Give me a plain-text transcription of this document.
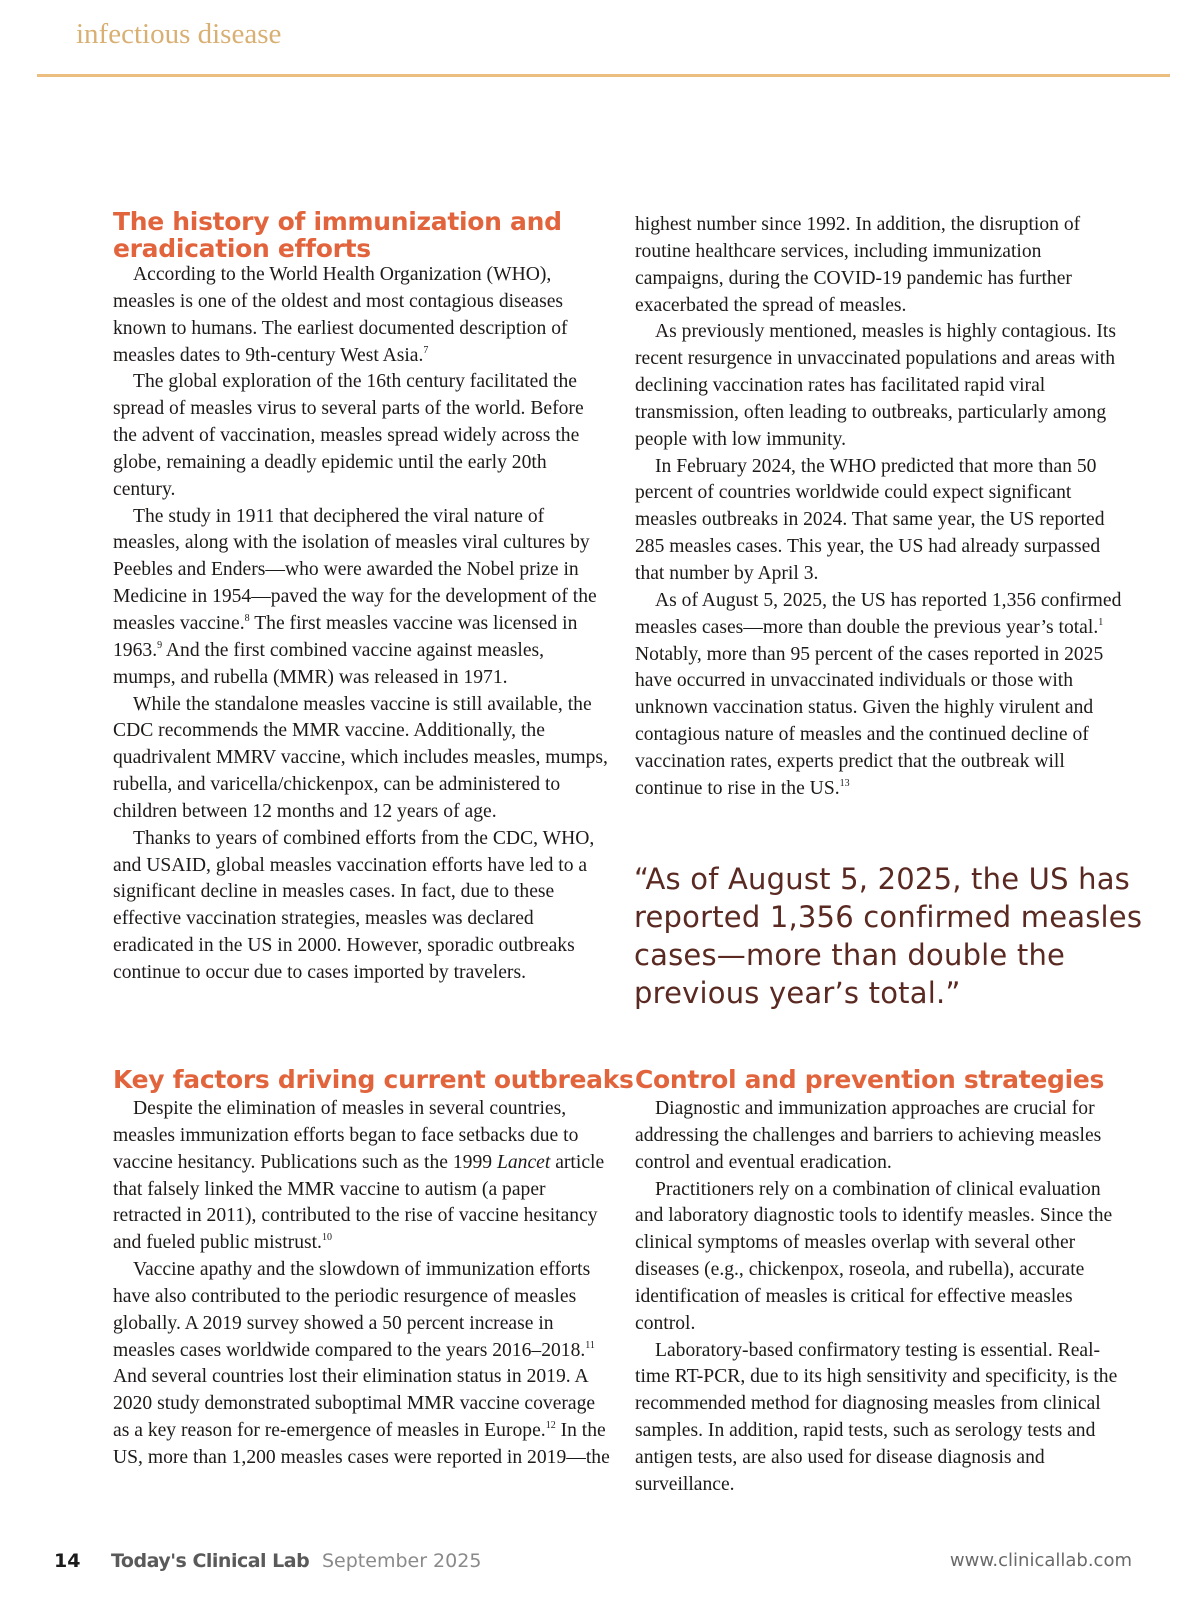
infectious disease
The history of immunization and eradication efforts

According to the World Health Organization (WHO), measles is one of the oldest and most contagious diseases known to humans. The earliest documented description of measles dates to 9th-century West Asia.$^7$

The global exploration of the 16th century facilitated the spread of measles virus to several parts of the world. Before the advent of vaccination, measles spread widely across the globe, remaining a deadly epidemic until the early 20th century.

The study in 1911 that deciphered the viral nature of measles, along with the isolation of measles viral cultures by Peebles and Enders—who were awarded the Nobel prize in Medicine in 1954—paved the way for the development of the measles vaccine.$^8$ The first measles vaccine was licensed in 1963.$^9$ And the first combined vaccine against measles, mumps, and rubella (MMR) was released in 1971.

While the standalone measles vaccine is still available, the CDC recommends the MMR vaccine. Additionally, the quadrivalent MMRV vaccine, which includes measles, mumps, rubella, and varicella/chickenpox, can be administered to children between 12 months and 12 years of age.

Thanks to years of combined efforts from the CDC, WHO, and USAID, global measles vaccination efforts have led to a significant decline in measles cases. In fact, due to these effective vaccination strategies, measles was declared eradicated in the US in 2000. However, sporadic outbreaks continue to occur due to cases imported by travelers.

highest number since 1992. In addition, the disruption of routine healthcare services, including immunization campaigns, during the COVID-19 pandemic has further exacerbated the spread of measles.

As previously mentioned, measles is highly contagious. Its recent resurgence in unvaccinated populations and areas with declining vaccination rates has facilitated rapid viral transmission, often leading to outbreaks, particularly among people with low immunity.

In February 2024, the WHO predicted that more than 50 percent of countries worldwide could expect significant measles outbreaks in 2024. That same year, the US reported 285 measles cases. This year, the US had already surpassed that number by April 3.

As of August 5, 2025, the US has reported 1,356 confirmed measles cases—more than double the previous year’s total.$^1$ Notably, more than 95 percent of the cases reported in 2025 have occurred in unvaccinated individuals or those with unknown vaccination status. Given the highly virulent and contagious nature of measles and the continued decline of vaccination rates, experts predict that the outbreak will continue to rise in the US.$^{13}$

“As of August 5, 2025, the US has reported 1,356 confirmed measles cases—more than double the previous year’s total.”
Key factors driving current outbreaks

Despite the elimination of measles in several countries, measles immunization efforts began to face setbacks due to vaccine hesitancy. Publications such as the 1999 Lancet article that falsely linked the MMR vaccine to autism (a paper retracted in 2011), contributed to the rise of vaccine hesitancy and fueled public mistrust.$^{10}$

Vaccine apathy and the slowdown of immunization efforts have also contributed to the periodic resurgence of measles globally. A 2019 survey showed a 50 percent increase in measles cases worldwide compared to the years 2016–2018.11 And several countries lost their elimination status in 2019. A 2020 study demonstrated suboptimal MMR vaccine coverage as a key reason for re-emergence of measles in Europe.$^{12}$ In the US, more than 1,200 measles cases were reported in 2019—the

Control and prevention strategies

Diagnostic and immunization approaches are crucial for addressing the challenges and barriers to achieving measles control and eventual eradication.

Practitioners rely on a combination of clinical evaluation and laboratory diagnostic tools to identify measles. Since the clinical symptoms of measles overlap with several other diseases (e.g., chickenpox, roseola, and rubella), accurate identification of measles is critical for effective measles control.

Laboratory-based confirmatory testing is essential. Real-time RT-PCR, due to its high sensitivity and specificity, is the recommended method for diagnosing measles from clinical samples. In addition, rapid tests, such as serology tests and antigen tests, are also used for disease diagnosis and surveillance.

14 Today's Clinical Lab September 2025	www.clinicallab.com
